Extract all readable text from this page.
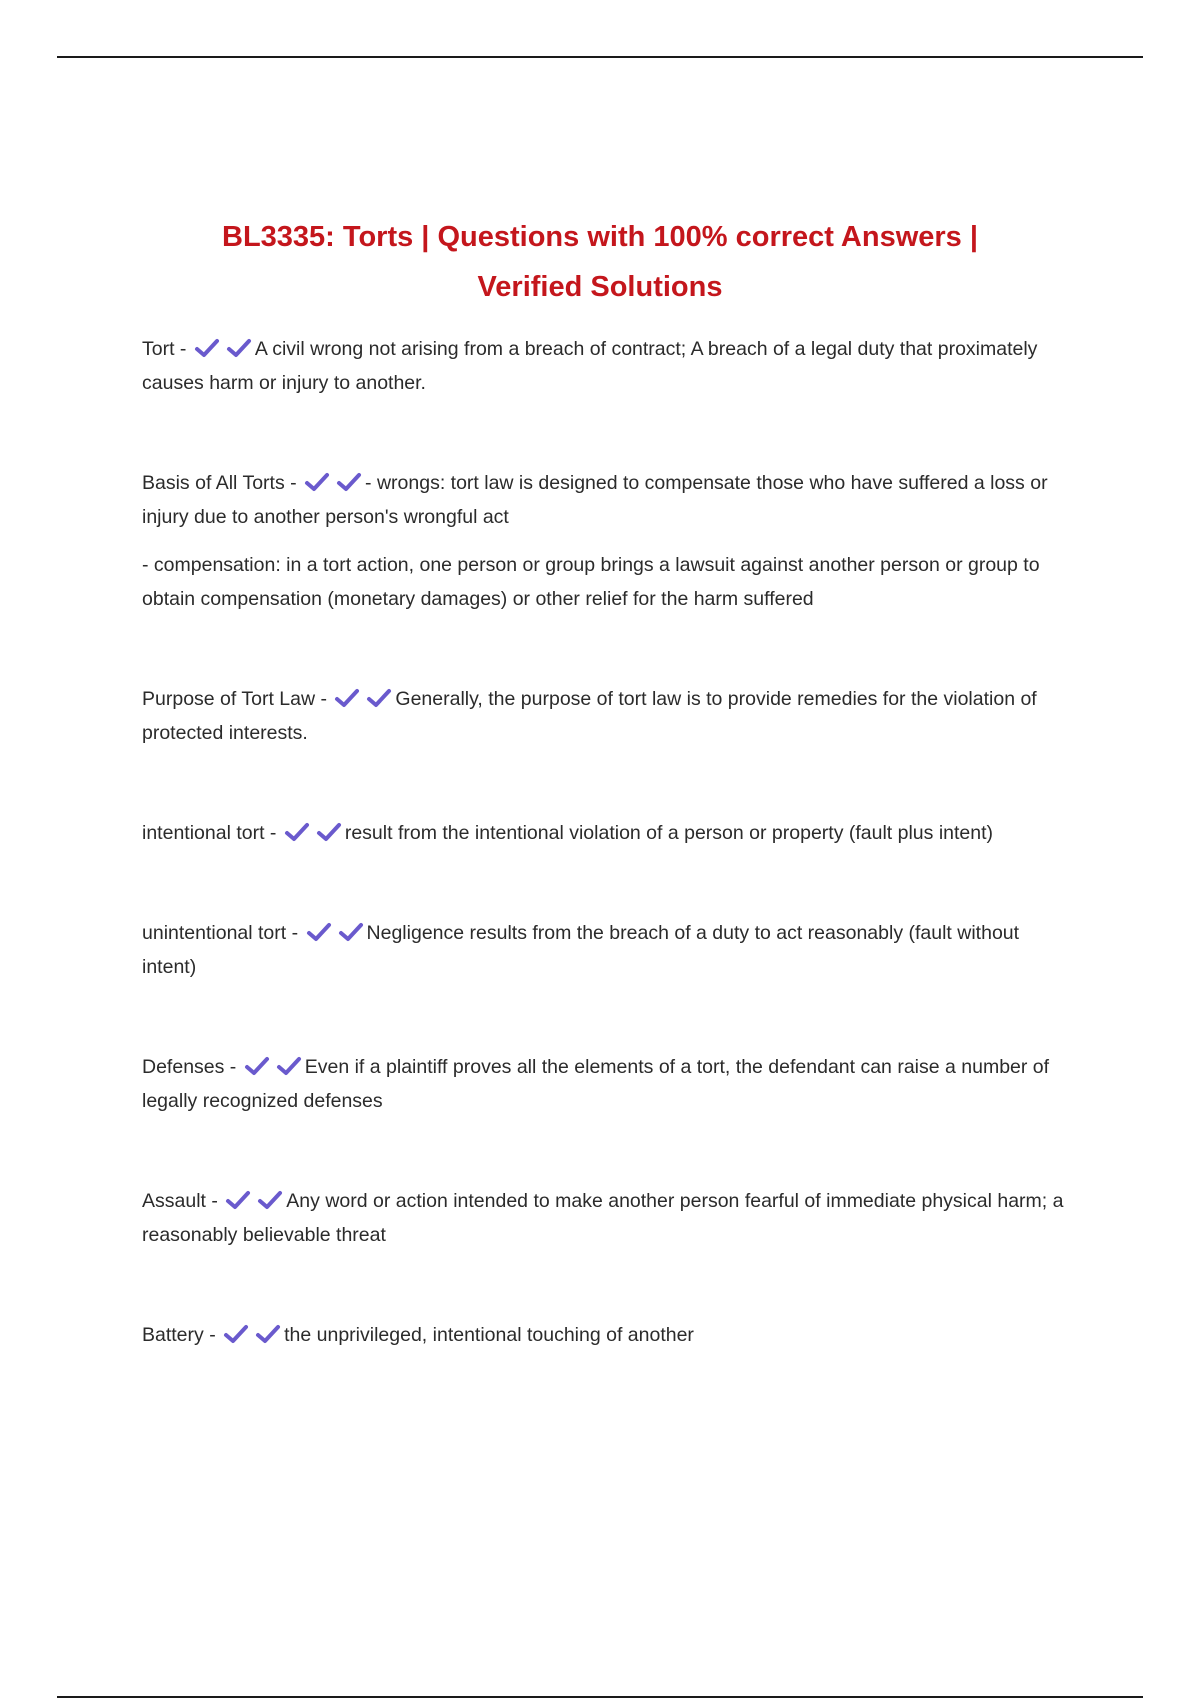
BL3335: Torts | Questions with 100% correct Answers |
Verified Solutions

Tort -	A civil wrong not arising from a breach of contract; A breach of a legal duty that proximately causes harm or injury to another.

Basis of All Torts -	- wrongs: tort law is designed to compensate those who have suffered a loss or injury due to another person's wrongful act

- compensation: in a tort action, one person or group brings a lawsuit against another person or group to obtain compensation (monetary damages) or other relief for the harm suffered

Purpose of Tort Law -	Generally, the purpose of tort law is to provide remedies for the violation of protected interests.

intentional tort -	result from the intentional violation of a person or property (fault plus intent)

unintentional tort -	Negligence results from the breach of a duty to act reasonably (fault without intent)

Defenses -	Even if a plaintiff proves all the elements of a tort, the defendant can raise a number of legally recognized defenses

Assault -	Any word or action intended to make another person fearful of immediate physical harm; a reasonably believable threat

Battery -	the unprivileged, intentional touching of another
